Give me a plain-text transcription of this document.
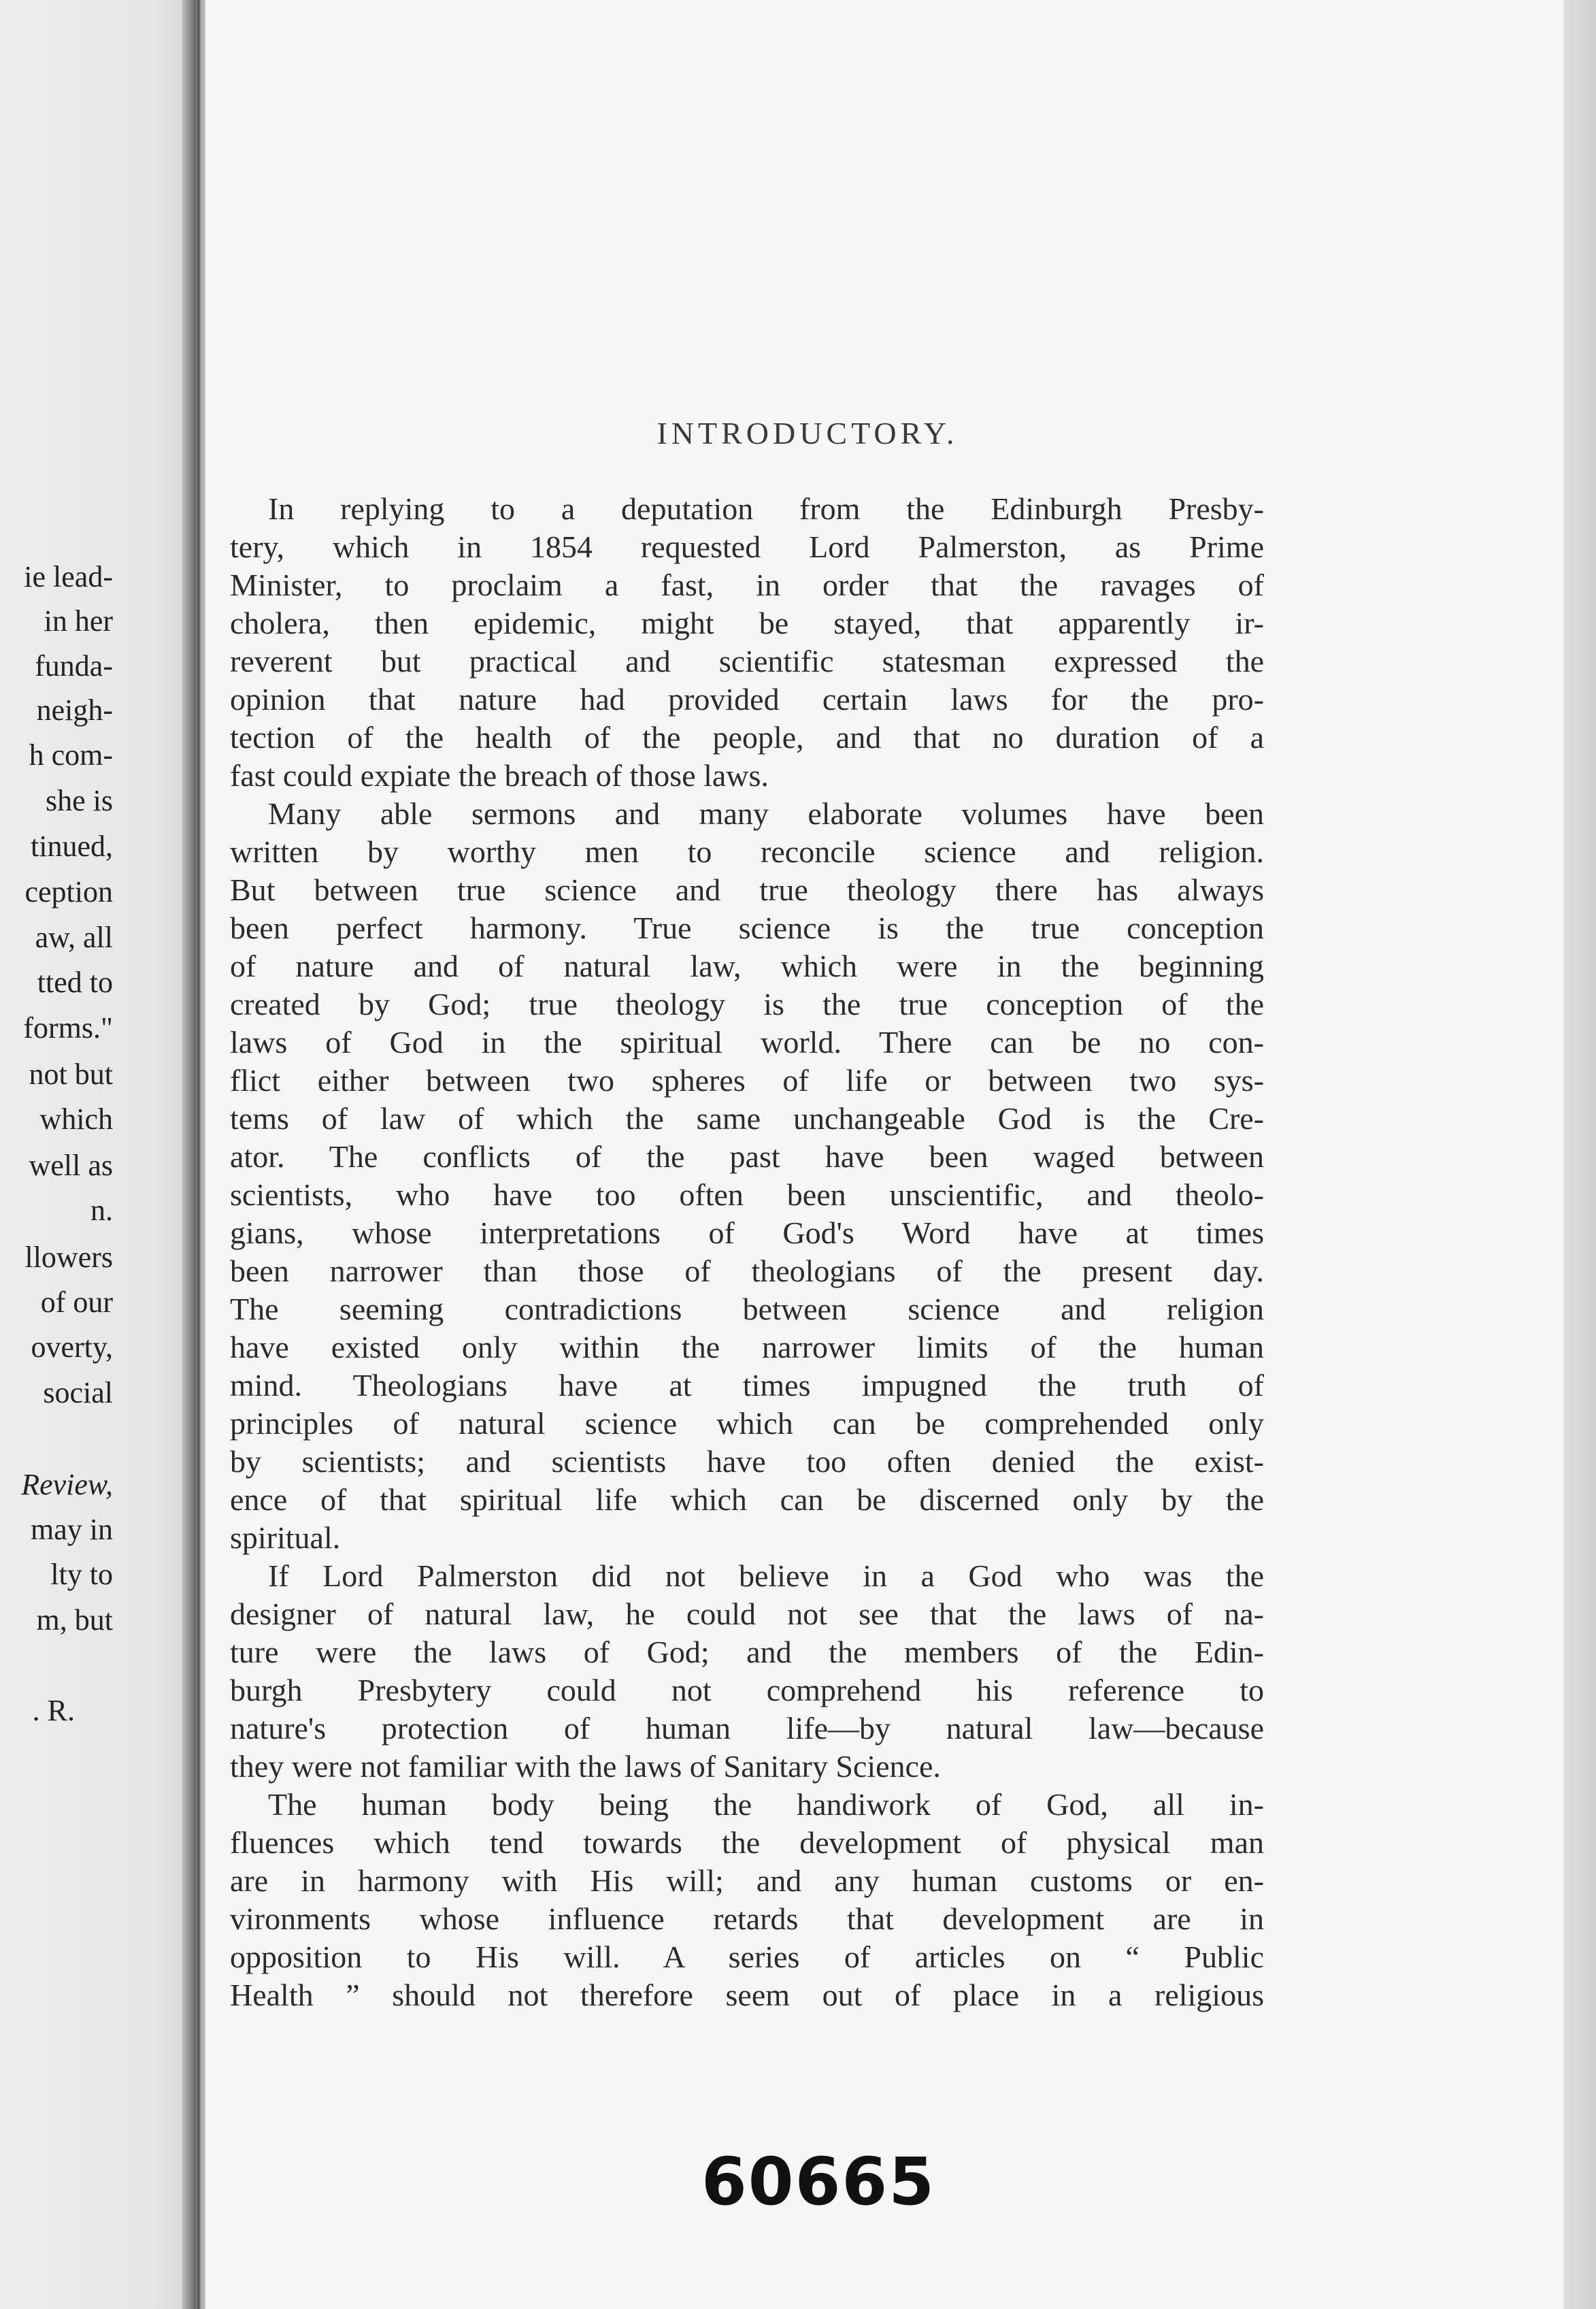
ie lead-
in her
funda-
neigh-
h com-
she is
tinued,
ception
aw, all
tted to
forms."
not but
which
well as
n.
llowers
of our
overty,
social
Review,
may in
lty to
m, but
. R.
INTRODUCTORY.
In replying to a deputation from the Edinburgh Presby-
tery, which in 1854 requested Lord Palmerston, as Prime
Minister, to proclaim a fast, in order that the ravages of
cholera, then epidemic, might be stayed, that apparently ir-
reverent but practical and scientific statesman expressed the
opinion that nature had provided certain laws for the pro-
tection of the health of the people, and that no duration of a
fast could expiate the breach of those laws.
Many able sermons and many elaborate volumes have been
written by worthy men to reconcile science and religion.
But between true science and true theology there has always
been perfect harmony. True science is the true conception
of nature and of natural law, which were in the beginning
created by God; true theology is the true conception of the
laws of God in the spiritual world. There can be no con-
flict either between two spheres of life or between two sys-
tems of law of which the same unchangeable God is the Cre-
ator. The conflicts of the past have been waged between
scientists, who have too often been unscientific, and theolo-
gians, whose interpretations of God's Word have at times
been narrower than those of theologians of the present day.
The seeming contradictions between science and religion
have existed only within the narrower limits of the human
mind. Theologians have at times impugned the truth of
principles of natural science which can be comprehended only
by scientists; and scientists have too often denied the exist-
ence of that spiritual life which can be discerned only by the
spiritual.
If Lord Palmerston did not believe in a God who was the
designer of natural law, he could not see that the laws of na-
ture were the laws of God; and the members of the Edin-
burgh Presbytery could not comprehend his reference to
nature's protection of human life—by natural law—because
they were not familiar with the laws of Sanitary Science.
The human body being the handiwork of God, all in-
fluences which tend towards the development of physical man
are in harmony with His will; and any human customs or en-
vironments whose influence retards that development are in
opposition to His will. A series of articles on “ Public
Health ” should not therefore seem out of place in a religious
60665
